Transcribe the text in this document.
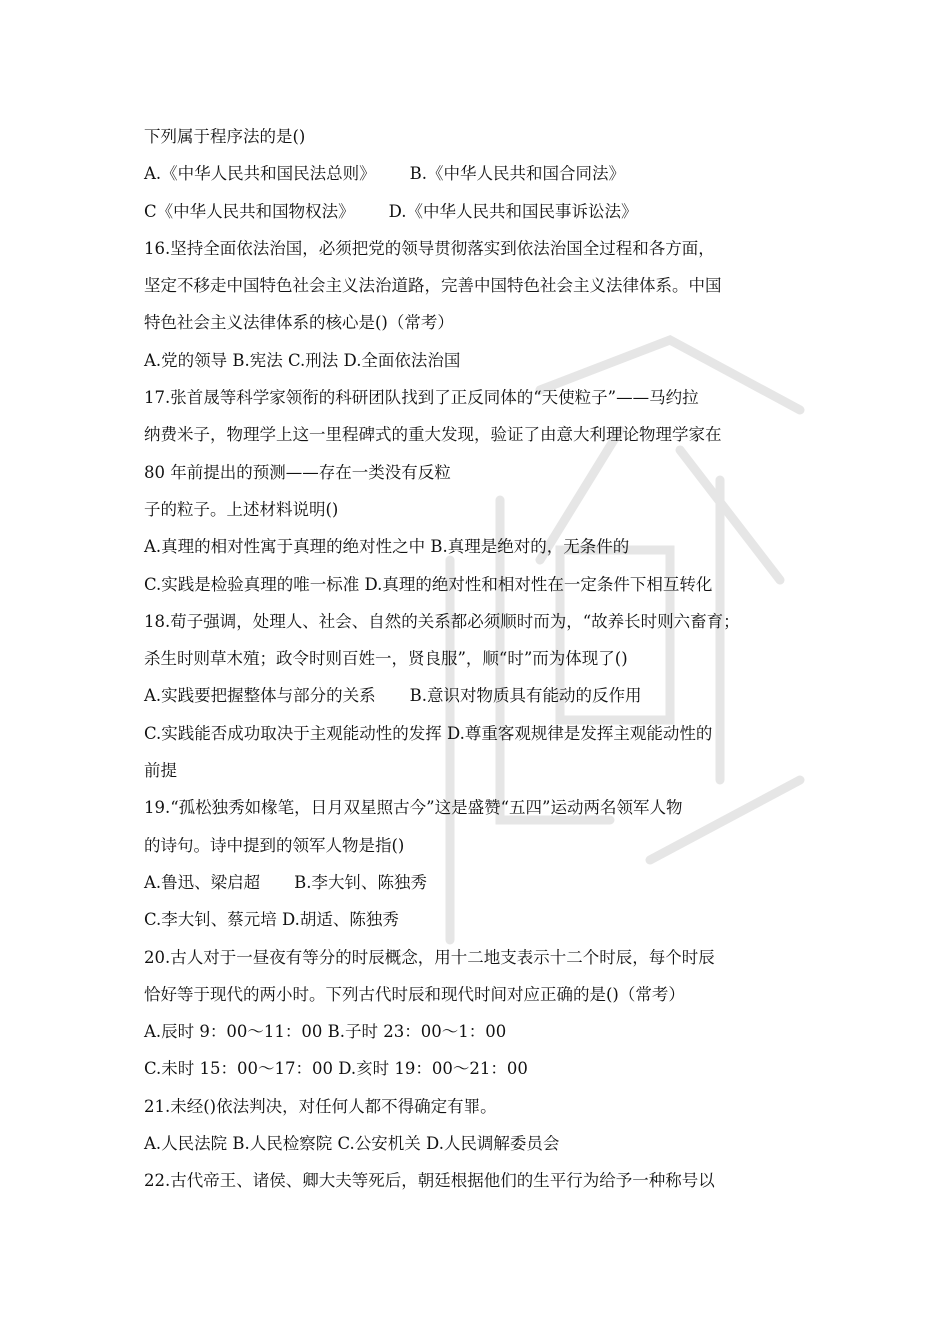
下列属于程序法的是()
A.《中华人民共和国民法总则》 B.《中华人民共和国合同法》
C《中华人民共和国物权法》 D.《中华人民共和国民事诉讼法》
16.坚持全面依法治国，必须把党的领导贯彻落实到依法治国全过程和各方面，
坚定不移走中国特色社会主义法治道路，完善中国特色社会主义法律体系。中国
特色社会主义法律体系的核心是()（常考）
A.党的领导 B.宪法 C.刑法 D.全面依法治国
17.张首晟等科学家领衔的科研团队找到了正反同体的“天使粒子”——马约拉
纳费米子，物理学上这一里程碑式的重大发现，验证了由意大利理论物理学家在
80 年前提出的预测——存在一类没有反粒
子的粒子。上述材料说明()
A.真理的相对性寓于真理的绝对性之中 B.真理是绝对的，无条件的
C.实践是检验真理的唯一标准 D.真理的绝对性和相对性在一定条件下相互转化
18.荀子强调，处理人、社会、自然的关系都必须顺时而为，“故养长时则六畜育；
杀生时则草木殖；政令时则百姓一，贤良服”，顺“时”而为体现了()
A.实践要把握整体与部分的关系 B.意识对物质具有能动的反作用
C.实践能否成功取决于主观能动性的发挥 D.尊重客观规律是发挥主观能动性的
前提
19.“孤松独秀如椽笔，日月双星照古今”这是盛赞“五四”运动两名领军人物
的诗句。诗中提到的领军人物是指()
A.鲁迅、梁启超 B.李大钊、陈独秀
C.李大钊、蔡元培 D.胡适、陈独秀
20.古人对于一昼夜有等分的时辰概念，用十二地支表示十二个时辰，每个时辰
恰好等于现代的两小时。下列古代时辰和现代时间对应正确的是()（常考）
A.辰时 9：00～11：00 B.子时 23：00～1：00
C.未时 15：00～17：00 D.亥时 19：00～21：00
21.未经()依法判决，对任何人都不得确定有罪。
A.人民法院 B.人民检察院 C.公安机关 D.人民调解委员会
22.古代帝王、诸侯、卿大夫等死后，朝廷根据他们的生平行为给予一种称号以
